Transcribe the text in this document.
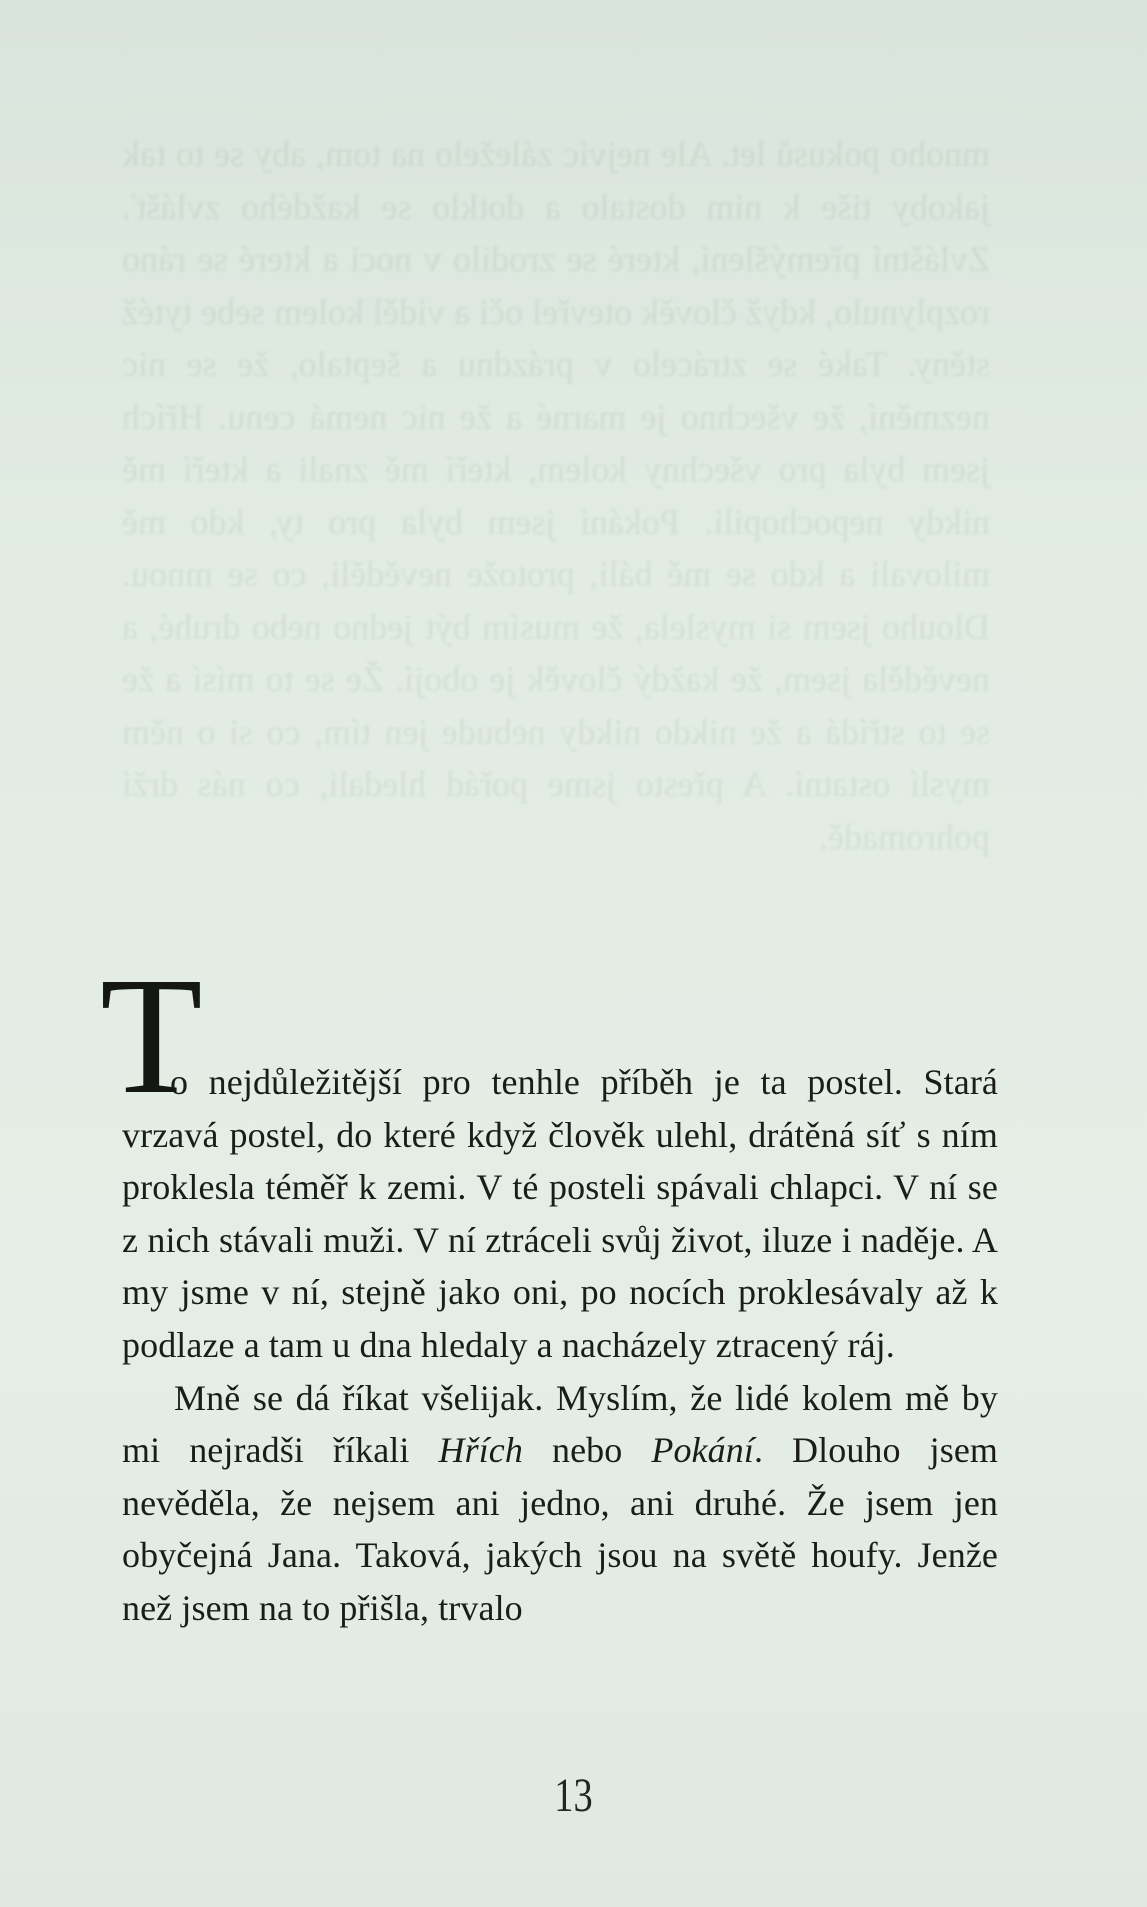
mnoho pokusů let. Ale nejvíc záleželo na tom, aby se to tak jakoby tiše k nim dostalo a dotklo se každého zvlášť. Zvláštní přemýšlení, které se zrodilo v noci a které se ráno rozplynulo, když člověk otevřel oči a viděl kolem sebe tytéž stěny. Také se ztrácelo v prázdnu a šeptalo, že se nic nezmění, že všechno je marné a že nic nemá cenu. Hřích jsem byla pro všechny kolem, kteří mě znali a kteří mě nikdy nepochopili. Pokání jsem byla pro ty, kdo mě milovali a kdo se mě báli, protože nevěděli, co se mnou. Dlouho jsem si myslela, že musím být jedno nebo druhé, a nevěděla jsem, že každý člověk je obojí. Že se to mísí a že se to střídá a že nikdo nikdy nebude jen tím, co si o něm myslí ostatní. A přesto jsme pořád hledali, co nás drží pohromadě.

T
o nejdůležitější pro tenhle příběh je ta postel. Stará vrzavá postel, do které když člověk ulehl, drátěná síť s ním proklesla téměř k zemi. V té posteli spávali chlapci. V ní se z nich stávali muži. V ní ztráceli svůj život, iluze i naděje. A my jsme v ní, stejně jako oni, po nocích proklesávaly až k podlaze a tam u dna hledaly a nacházely ztracený ráj.

Mně se dá říkat všelijak. Myslím, že lidé kolem mě by mi nejradši říkali Hřích nebo Pokání. Dlouho jsem nevěděla, že nejsem ani jedno, ani druhé. Že jsem jen obyčejná Jana. Taková, jakých jsou na světě houfy. Jenže než jsem na to přišla, trvalo

13
